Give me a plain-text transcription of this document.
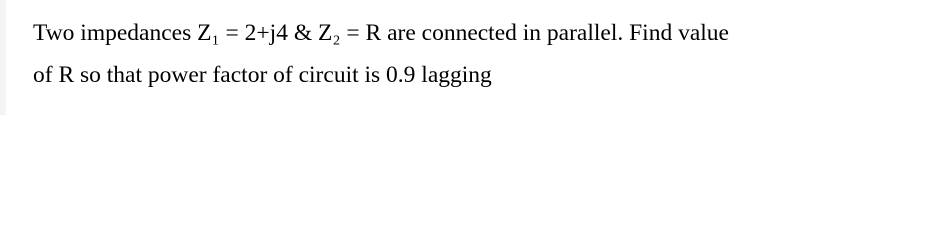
Two impedances Z₁ = 2+j4 & Z₂ = R are connected in parallel. Find value
of R so that power factor of circuit is 0.9 lagging
